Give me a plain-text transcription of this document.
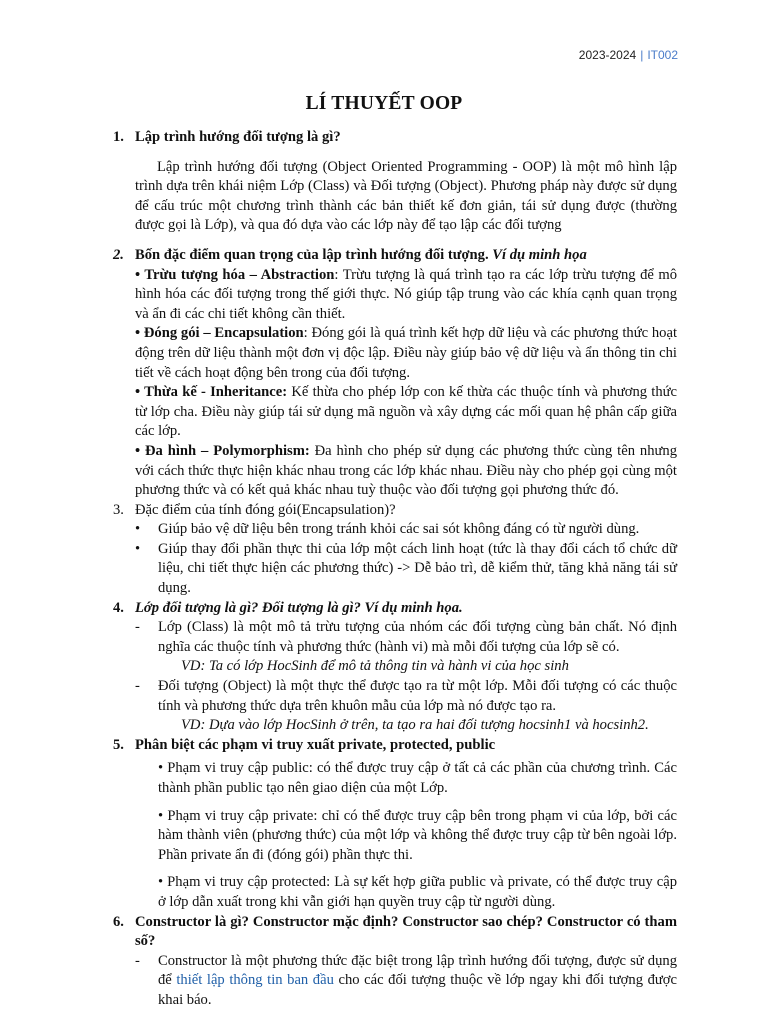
2023-2024 | IT002
LÍ THUYẾT OOP
1. Lập trình hướng đối tượng là gì?
Lập trình hướng đối tượng (Object Oriented Programming - OOP) là một mô hình lập trình dựa trên khái niệm Lớp (Class) và Đối tượng (Object). Phương pháp này được sử dụng để cấu trúc một chương trình thành các bản thiết kế đơn giản, tái sử dụng được (thường được gọi là Lớp), và qua đó dựa vào các lớp này để tạo lập các đối tượng
2. Bốn đặc điểm quan trọng của lập trình hướng đối tượng. Ví dụ minh họa
• Trừu tượng hóa – Abstraction: Trừu tượng là quá trình tạo ra các lớp trừu tượng để mô hình hóa các đối tượng trong thế giới thực. Nó giúp tập trung vào các khía cạnh quan trọng và ẩn đi các chi tiết không cần thiết.
• Đóng gói – Encapsulation: Đóng gói là quá trình kết hợp dữ liệu và các phương thức hoạt động trên dữ liệu thành một đơn vị độc lập. Điều này giúp bảo vệ dữ liệu và ẩn thông tin chi tiết về cách hoạt động bên trong của đối tượng.
• Thừa kế - Inheritance: Kế thừa cho phép lớp con kế thừa các thuộc tính và phương thức từ lớp cha. Điều này giúp tái sử dụng mã nguồn và xây dựng các mối quan hệ phân cấp giữa các lớp.
• Đa hình – Polymorphism: Đa hình cho phép sử dụng các phương thức cùng tên nhưng với cách thức thực hiện khác nhau trong các lớp khác nhau. Điều này cho phép gọi cùng một phương thức và có kết quả khác nhau tuỳ thuộc vào đối tượng gọi phương thức đó.
3. Đặc điểm của tính đóng gói(Encapsulation)?
• Giúp bảo vệ dữ liệu bên trong tránh khỏi các sai sót không đáng có từ người dùng.
• Giúp thay đổi phần thực thi của lớp một cách linh hoạt (tức là thay đổi cách tổ chức dữ liệu, chi tiết thực hiện các phương thức) -> Dễ bảo trì, dễ kiểm thử, tăng khả năng tái sử dụng.
4. Lớp đối tượng là gì? Đối tượng là gì? Ví dụ minh họa.
- Lớp (Class) là một mô tả trừu tượng của nhóm các đối tượng cùng bản chất. Nó định nghĩa các thuộc tính và phương thức (hành vi) mà mỗi đối tượng của lớp sẽ có.
VD: Ta có lớp HocSinh để mô tả thông tin và hành vi của học sinh
- Đối tượng (Object) là một thực thể được tạo ra từ một lớp. Mỗi đối tượng có các thuộc tính và phương thức dựa trên khuôn mẫu của lớp mà nó được tạo ra.
VD: Dựa vào lớp HocSinh ở trên, ta tạo ra hai đối tượng hocsinh1 và hocsinh2.
5. Phân biệt các phạm vi truy xuất private, protected, public
• Phạm vi truy cập public: có thể được truy cập ở tất cả các phần của chương trình. Các thành phần public tạo nên giao diện của một Lớp.
• Phạm vi truy cập private: chỉ có thể được truy cập bên trong phạm vi của lớp, bởi các hàm thành viên (phương thức) của một lớp và không thể được truy cập từ bên ngoài lớp. Phần private ẩn đi (đóng gói) phần thực thi.
• Phạm vi truy cập protected: Là sự kết hợp giữa public và private, có thể được truy cập ở lớp dẫn xuất trong khi vẫn giới hạn quyền truy cập từ người dùng.
6. Constructor là gì? Constructor mặc định? Constructor sao chép? Constructor có tham số?
- Constructor là một phương thức đặc biệt trong lập trình hướng đối tượng, được sử dụng để thiết lập thông tin ban đầu cho các đối tượng thuộc về lớp ngay khi đối tượng được khai báo.
